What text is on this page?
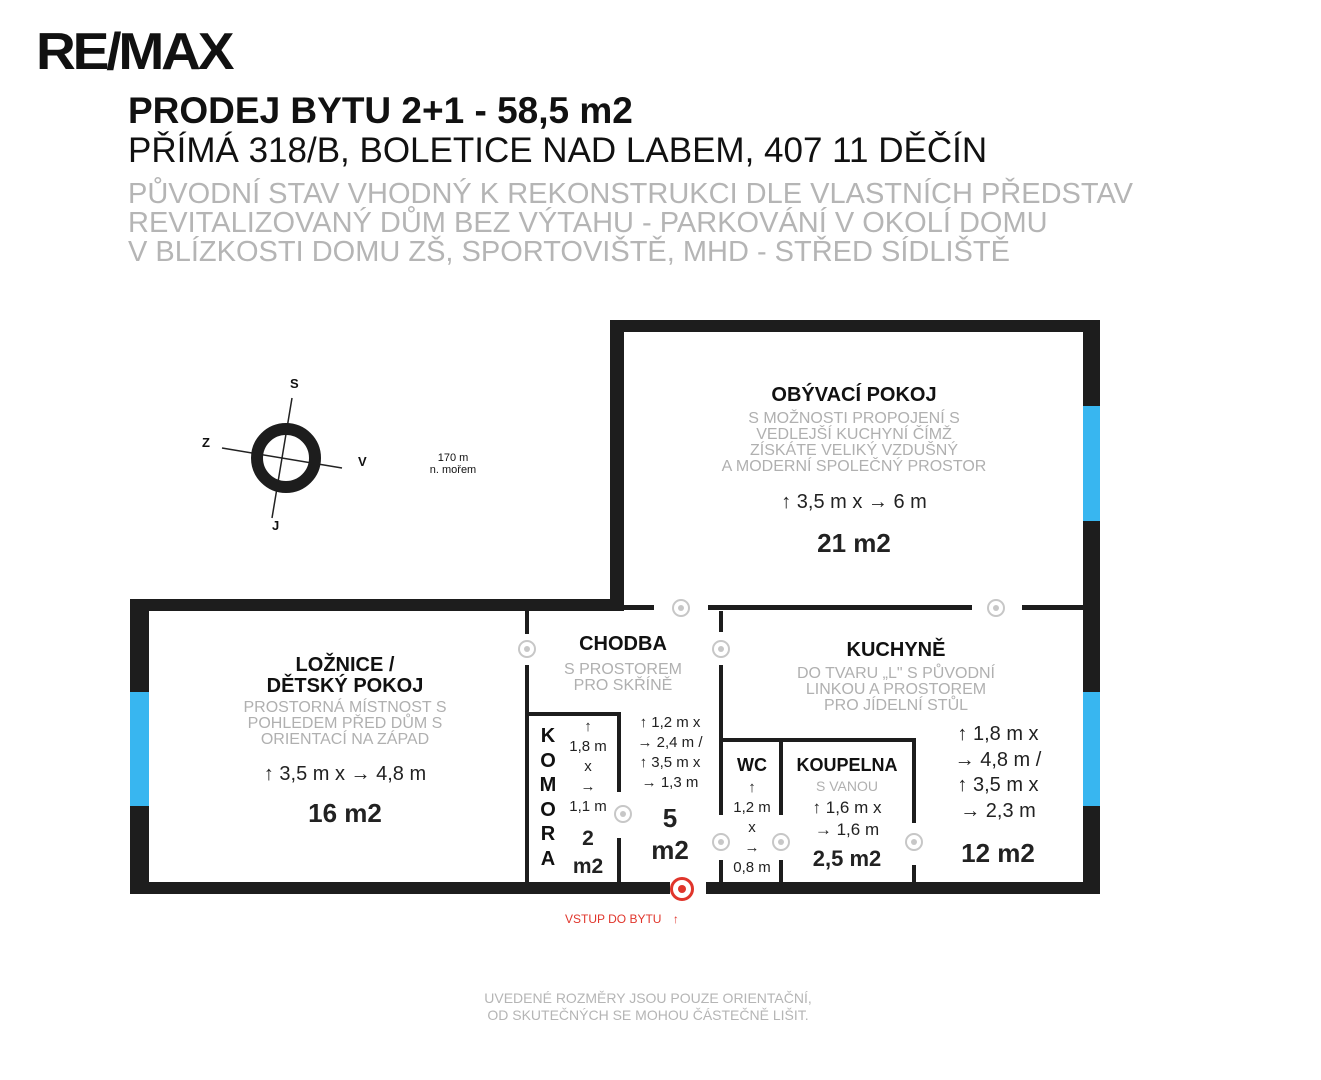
RE/MAX
PRODEJ BYTU 2+1 - 58,5 m2
PŘÍMÁ 318/B, BOLETICE NAD LABEM, 407 11 DĚČÍN
PŮVODNÍ STAV VHODNÝ K REKONSTRUKCI DLE VLASTNÍCH PŘEDSTAV
REVITALIZOVANÝ DŮM BEZ VÝTAHU - PARKOVÁNÍ V OKOLÍ DOMU
V BLÍZKOSTI DOMU ZŠ, SPORTOVIŠTĚ, MHD - STŘED SÍDLIŠTĚ
S
J
Z
V	170 m
n. mořem
VSTUP DO BYTU ↑
OBÝVACÍ POKOJ
S MOŽNOSTI PROPOJENÍ S
VEDLEJŠÍ KUCHYNÍ ČÍMŽ
ZÍSKÁTE VELIKÝ VZDUŠNÝ
A MODERNÍ SPOLEČNÝ PROSTOR
↑ 3,5 m x → 6 m
21 m2
LOŽNICE /
DĚTSKÝ POKOJ
PROSTORNÁ MÍSTNOST S
POHLEDEM PŘED DŮM S
ORIENTACÍ NA ZÁPAD
↑ 3,5 m x → 4,8 m
16 m2
CHODBA
S PROSTOREM
PRO SKŘÍNĚ
↑ 1,2 m x
→ 2,4 m /
↑ 3,5 m x
→ 1,3 m
5
m2
K
O
M
O
R
A
↑
1,8 m
x
→
1,1 m
2
m2
KUCHYNĚ
DO TVARU „L" S PŮVODNÍ
LINKOU A PROSTOREM
PRO JÍDELNÍ STŮL
↑ 1,8 m x
→ 4,8 m /
↑ 3,5 m x
→ 2,3 m
12 m2
WC
↑
1,2 m
x
→
0,8 m
KOUPELNA
S VANOU
↑ 1,6 m x
→ 1,6 m
2,5 m2
UVEDENÉ ROZMĚRY JSOU POUZE ORIENTAČNÍ,
OD SKUTEČNÝCH SE MOHOU ČÁSTEČNĚ LIŠIT.
